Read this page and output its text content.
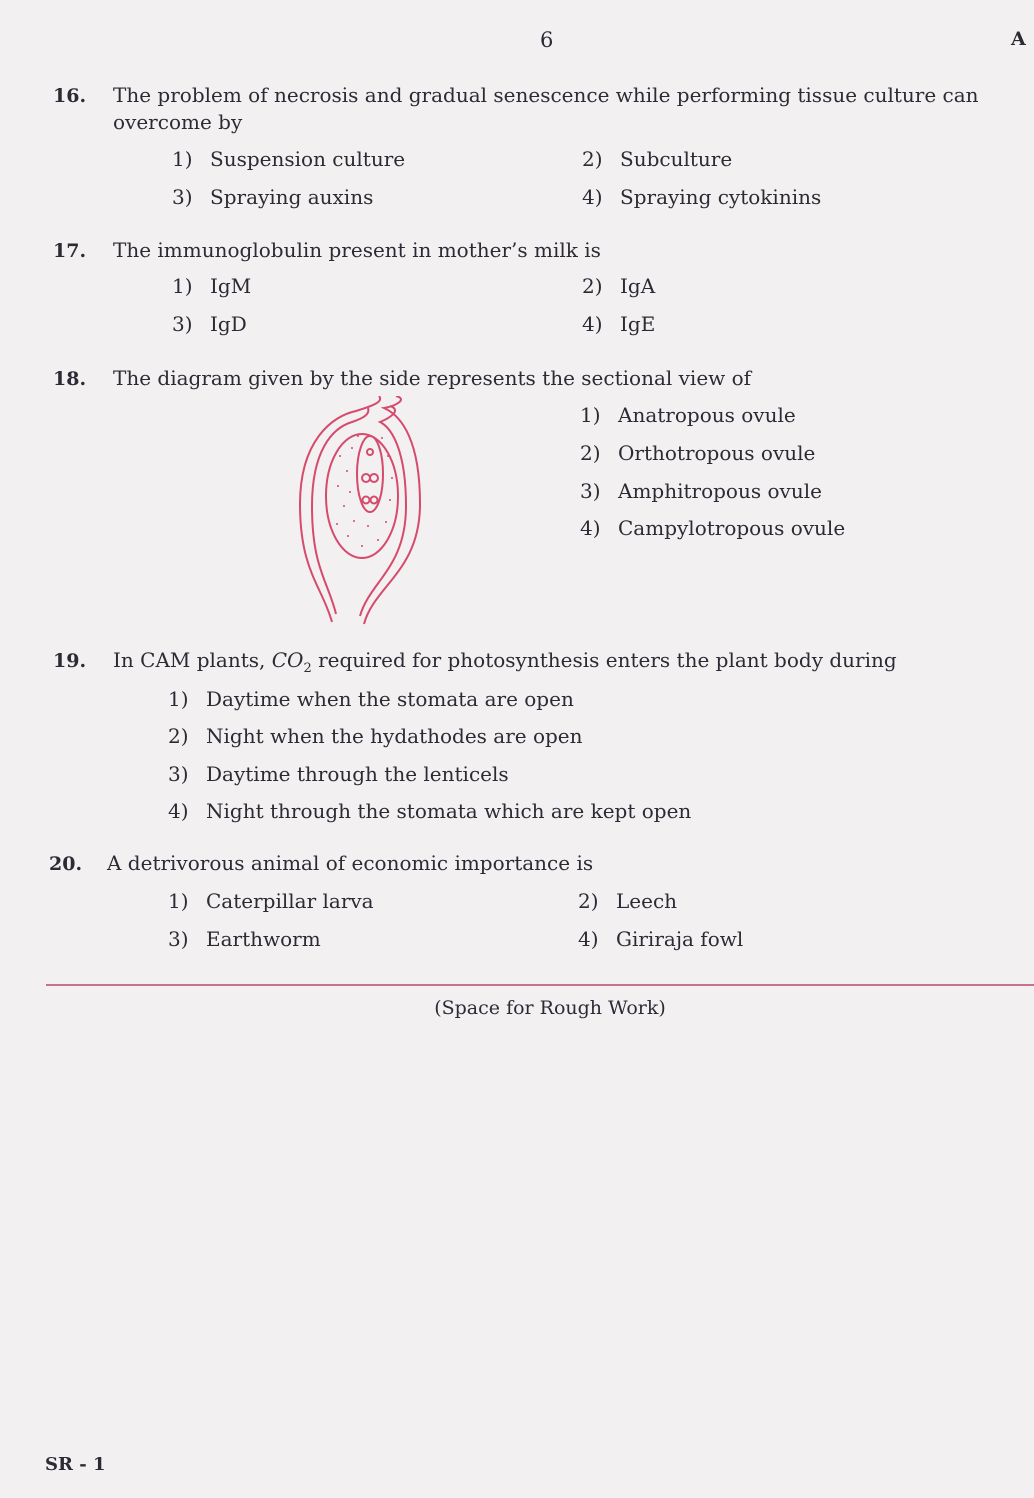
6	A
16. The problem of necrosis and gradual senescence while performing tissue culture can
overcome by
1) Suspension culture	2) Subculture
3) Spraying auxins	4) Spraying cytokinins
17. The immunoglobulin present in mother’s milk is
1) IgM	2) IgA
3) IgD	4) IgE
18. The diagram given by the side represents the sectional view of
1) Anatropous ovule
2) Orthotropous ovule
3) Amphitropous ovule
4) Campylotropous ovule
19. In CAM plants, $CO_2$ required for photosynthesis enters the plant body during
1) Daytime when the stomata are open
2) Night when the hydathodes are open
3) Daytime through the lenticels
4) Night through the stomata which are kept open
20. A detrivorous animal of economic importance is
1) Caterpillar larva	2) Leech
3) Earthworm	4) Giriraja fowl
(Space for Rough Work)
SR - 1
